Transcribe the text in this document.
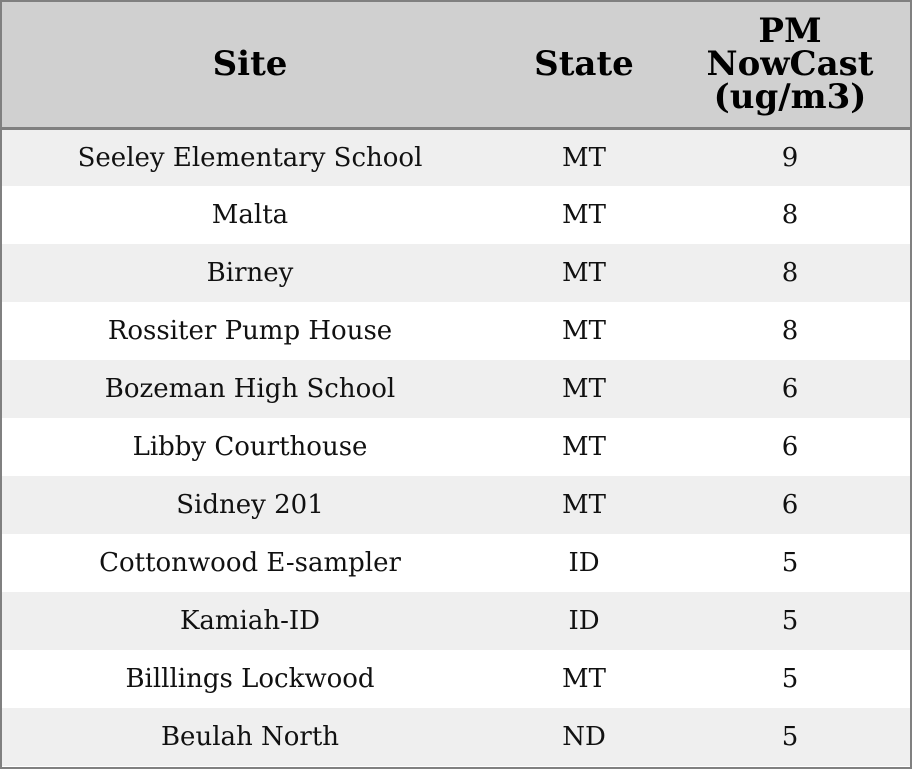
Site	State	PM
NowCast
(ug/m3)
Seeley Elementary School	MT	9
Malta	MT	8
Birney	MT	8
Rossiter Pump House	MT	8
Bozeman High School	MT	6
Libby Courthouse	MT	6
Sidney 201	MT	6
Cottonwood E-sampler	ID	5
Kamiah-ID	ID	5
Billlings Lockwood	MT	5
Beulah North	ND	5
